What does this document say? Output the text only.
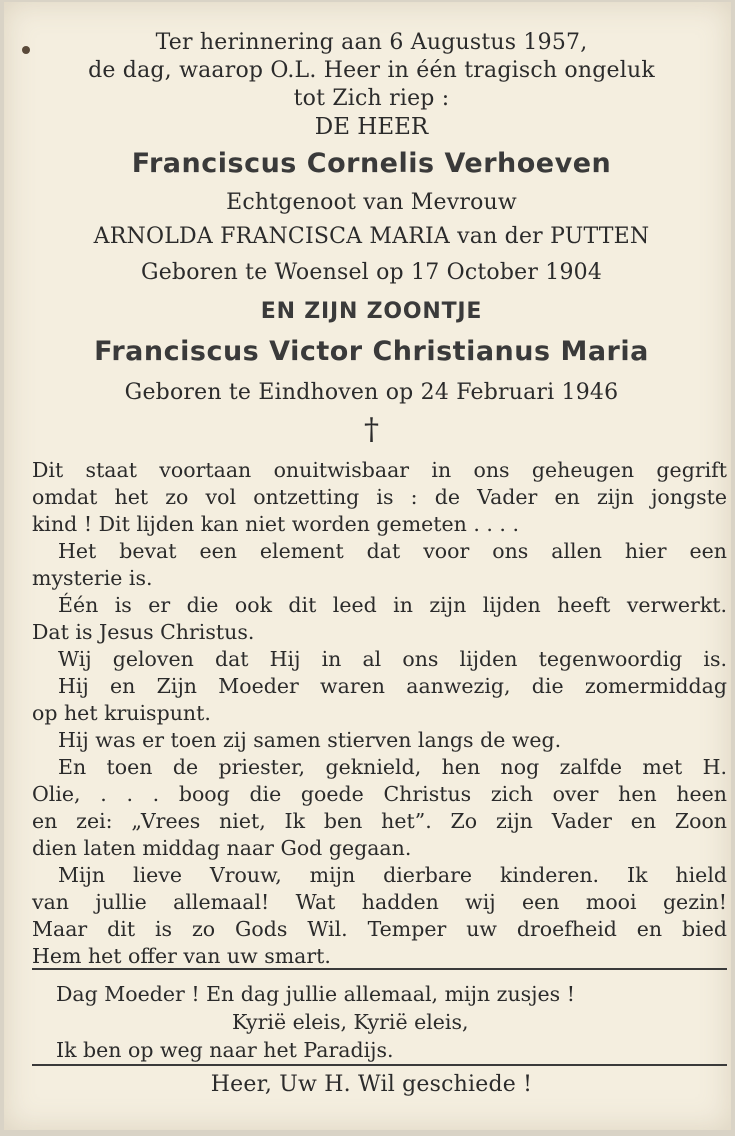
Ter herinnering aan 6 Augustus 1957,
de dag, waarop O.L. Heer in één tragisch ongeluk
tot Zich riep :
DE HEER
Franciscus Cornelis Verhoeven
Echtgenoot van Mevrouw
ARNOLDA FRANCISCA MARIA van der PUTTEN
Geboren te Woensel op 17 October 1904
EN ZIJN ZOONTJE
Franciscus Victor Christianus Maria
Geboren te Eindhoven op 24 Februari 1946
†
Dit staat voortaan onuitwisbaar in ons geheugen gegrift
omdat het zo vol ontzetting is : de Vader en zijn jongste
kind ! Dit lijden kan niet worden gemeten . . . .
Het bevat een element dat voor ons allen hier een
mysterie is.
Één is er die ook dit leed in zijn lijden heeft verwerkt.
Dat is Jesus Christus.
Wij geloven dat Hij in al ons lijden tegenwoordig is.
Hij en Zijn Moeder waren aanwezig, die zomermiddag
op het kruispunt.
Hij was er toen zij samen stierven langs de weg.
En toen de priester, geknield, hen nog zalfde met H.
Olie, . . . boog die goede Christus zich over hen heen
en zei: „Vrees niet, Ik ben het”. Zo zijn Vader en Zoon
dien laten middag naar God gegaan.
Mijn lieve Vrouw, mijn dierbare kinderen. Ik hield
van jullie allemaal! Wat hadden wij een mooi gezin!
Maar dit is zo Gods Wil. Temper uw droefheid en bied
Hem het offer van uw smart.
Dag Moeder ! En dag jullie allemaal, mijn zusjes !
Kyrië eleis, Kyrië eleis,
Ik ben op weg naar het Paradijs.
Heer, Uw H. Wil geschiede !
